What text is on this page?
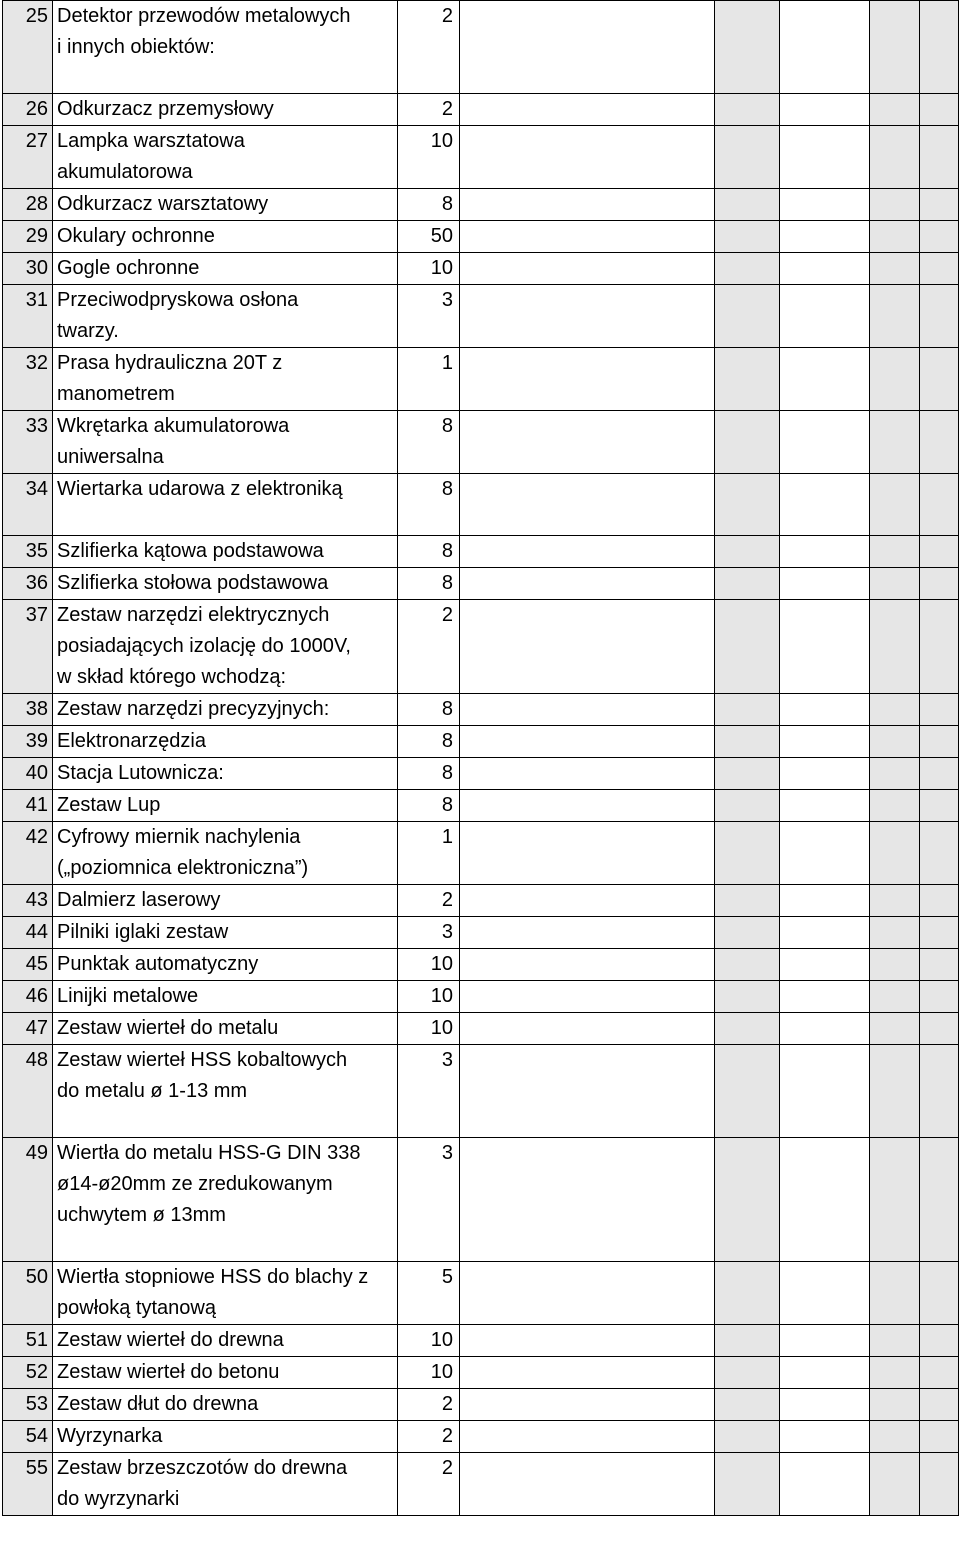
25	Detektor przewodów metalowych
i innych obiektów:	2					
26	Odkurzacz przemysłowy	2					
27	Lampka warsztatowa
akumulatorowa	10					
28	Odkurzacz warsztatowy	8					
29	Okulary ochronne	50					
30	Gogle ochronne	10					
31	Przeciwodpryskowa osłona
twarzy.	3					
32	Prasa hydrauliczna 20T z
manometrem	1					
33	Wkrętarka akumulatorowa
uniwersalna	8					
34	Wiertarka udarowa z elektroniką	8					
35	Szlifierka kątowa podstawowa	8					
36	Szlifierka stołowa podstawowa	8					
37	Zestaw narzędzi elektrycznych
posiadających izolację do 1000V,
w skład którego wchodzą:	2					
38	Zestaw narzędzi precyzyjnych:	8					
39	Elektronarzędzia	8					
40	Stacja Lutownicza:	8					
41	Zestaw Lup	8					
42	Cyfrowy miernik nachylenia
(„poziomnica elektroniczna”)	1					
43	Dalmierz laserowy	2					
44	Pilniki iglaki zestaw	3					
45	Punktak automatyczny	10					
46	Linijki metalowe	10					
47	Zestaw wierteł do metalu	10					
48	Zestaw wierteł HSS kobaltowych
do metalu ø 1-13 mm	3					
49	Wiertła do metalu HSS-G DIN 338
ø14-ø20mm ze zredukowanym
uchwytem ø 13mm	3					
50	Wiertła stopniowe HSS do blachy z
powłoką tytanową	5					
51	Zestaw wierteł do drewna	10					
52	Zestaw wierteł do betonu	10					
53	Zestaw dłut do drewna	2					
54	Wyrzynarka	2					
55	Zestaw brzeszczotów do drewna
do wyrzynarki	2					
